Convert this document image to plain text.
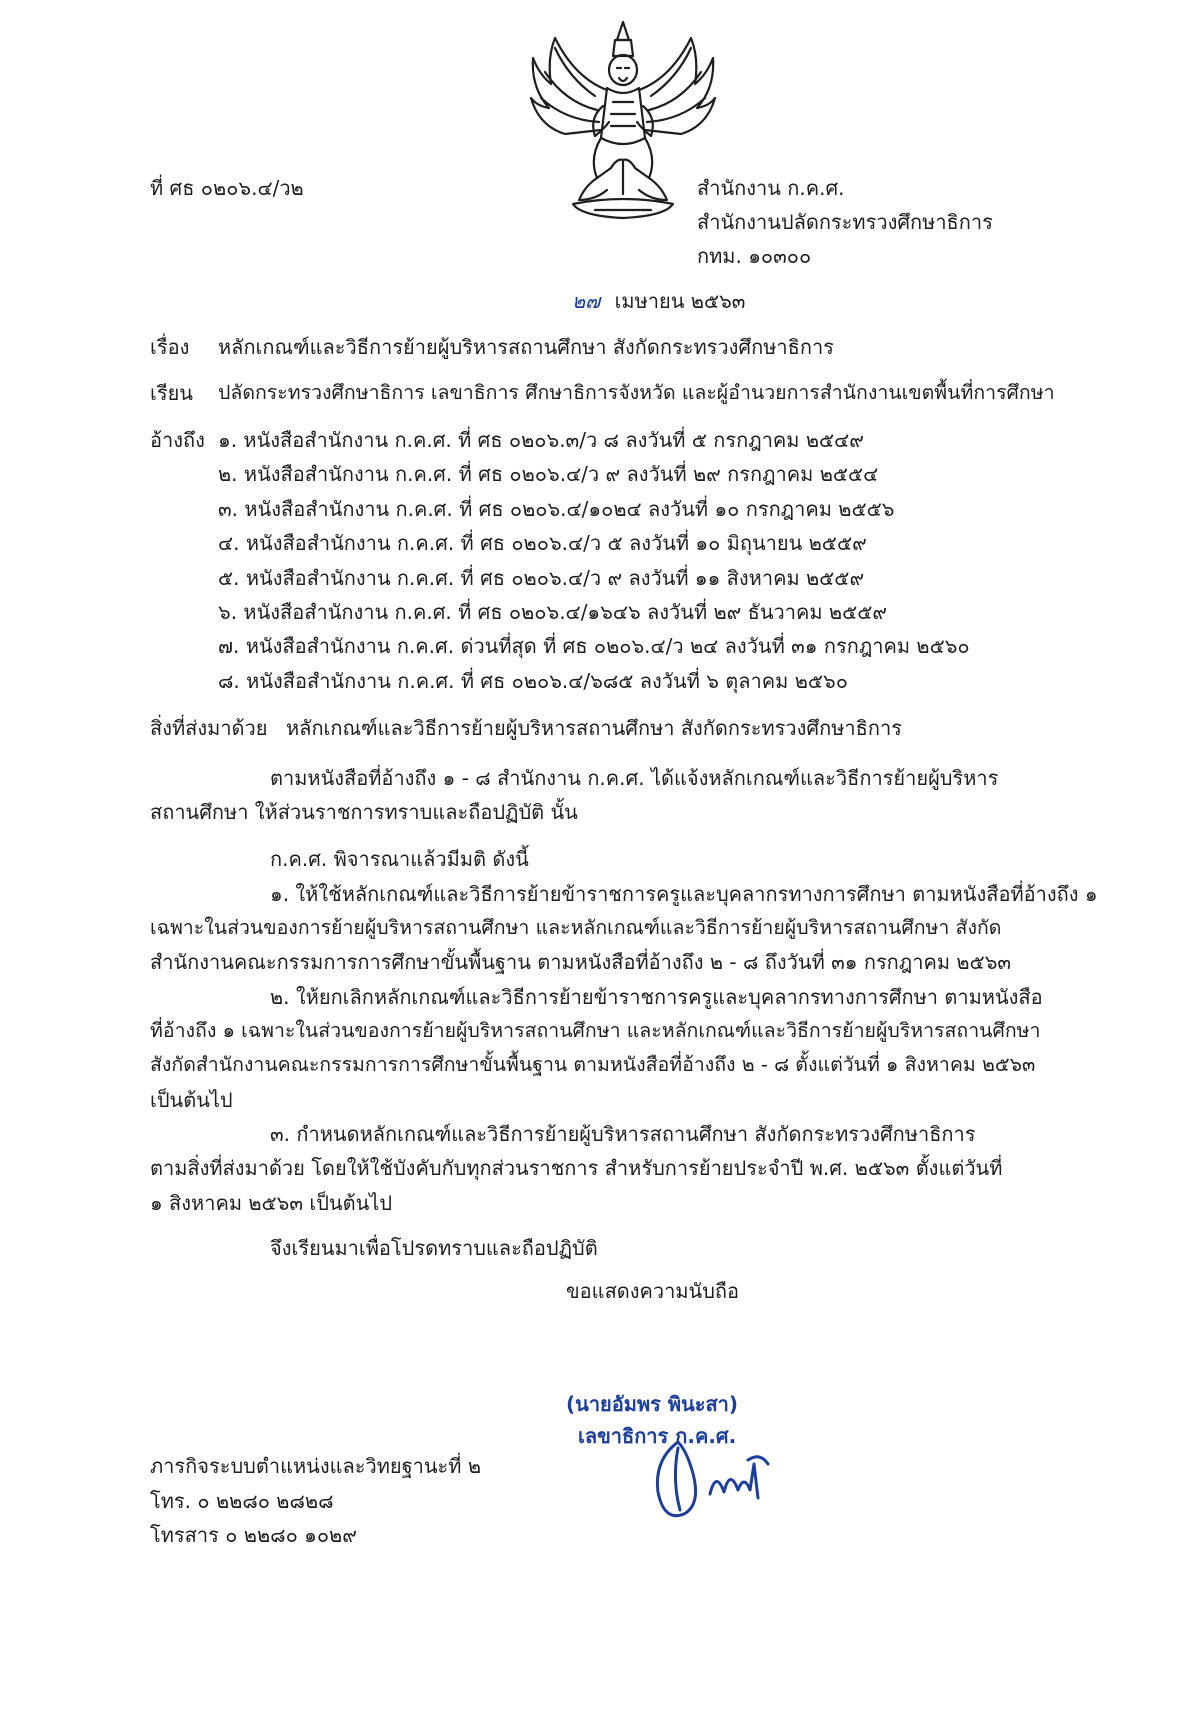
ที่ ศธ ๐๒๐๖.๔/ว๒	สำนักงาน ก.ค.ศ.
สำนักงานปลัดกระทรวงศึกษาธิการ
กทม. ๑๐๓๐๐
๒๗ เมษายน ๒๕๖๓
เรื่อง หลักเกณฑ์และวิธีการย้ายผู้บริหารสถานศึกษา สังกัดกระทรวงศึกษาธิการ
เรียน ปลัดกระทรวงศึกษาธิการ เลขาธิการ ศึกษาธิการจังหวัด และผู้อำนวยการสำนักงานเขตพื้นที่การศึกษา
อ้างถึง ๑. หนังสือสำนักงาน ก.ค.ศ. ที่ ศธ ๐๒๐๖.๓/ว ๘ ลงวันที่ ๕ กรกฎาคม ๒๕๔๙
๒. หนังสือสำนักงาน ก.ค.ศ. ที่ ศธ ๐๒๐๖.๔/ว ๙ ลงวันที่ ๒๙ กรกฎาคม ๒๕๕๔
๓. หนังสือสำนักงาน ก.ค.ศ. ที่ ศธ ๐๒๐๖.๔/๑๐๒๔ ลงวันที่ ๑๐ กรกฎาคม ๒๕๕๖
๔. หนังสือสำนักงาน ก.ค.ศ. ที่ ศธ ๐๒๐๖.๔/ว ๕ ลงวันที่ ๑๐ มิถุนายน ๒๕๕๙
๕. หนังสือสำนักงาน ก.ค.ศ. ที่ ศธ ๐๒๐๖.๔/ว ๙ ลงวันที่ ๑๑ สิงหาคม ๒๕๕๙
๖. หนังสือสำนักงาน ก.ค.ศ. ที่ ศธ ๐๒๐๖.๔/๑๖๔๖ ลงวันที่ ๒๙ ธันวาคม ๒๕๕๙
๗. หนังสือสำนักงาน ก.ค.ศ. ด่วนที่สุด ที่ ศธ ๐๒๐๖.๔/ว ๒๔ ลงวันที่ ๓๑ กรกฎาคม ๒๕๖๐
๘. หนังสือสำนักงาน ก.ค.ศ. ที่ ศธ ๐๒๐๖.๔/๖๘๕ ลงวันที่ ๖ ตุลาคม ๒๕๖๐
สิ่งที่ส่งมาด้วย หลักเกณฑ์และวิธีการย้ายผู้บริหารสถานศึกษา สังกัดกระทรวงศึกษาธิการ
ตามหนังสือที่อ้างถึง ๑ - ๘ สำนักงาน ก.ค.ศ. ได้แจ้งหลักเกณฑ์และวิธีการย้ายผู้บริหาร
สถานศึกษา ให้ส่วนราชการทราบและถือปฏิบัติ นั้น
ก.ค.ศ. พิจารณาแล้วมีมติ ดังนี้
๑. ให้ใช้หลักเกณฑ์และวิธีการย้ายข้าราชการครูและบุคลากรทางการศึกษา ตามหนังสือที่อ้างถึง ๑
เฉพาะในส่วนของการย้ายผู้บริหารสถานศึกษา และหลักเกณฑ์และวิธีการย้ายผู้บริหารสถานศึกษา สังกัด
สำนักงานคณะกรรมการการศึกษาขั้นพื้นฐาน ตามหนังสือที่อ้างถึง ๒ - ๘ ถึงวันที่ ๓๑ กรกฎาคม ๒๕๖๓
๒. ให้ยกเลิกหลักเกณฑ์และวิธีการย้ายข้าราชการครูและบุคลากรทางการศึกษา ตามหนังสือ
ที่อ้างถึง ๑ เฉพาะในส่วนของการย้ายผู้บริหารสถานศึกษา และหลักเกณฑ์และวิธีการย้ายผู้บริหารสถานศึกษา
สังกัดสำนักงานคณะกรรมการการศึกษาขั้นพื้นฐาน ตามหนังสือที่อ้างถึง ๒ - ๘ ตั้งแต่วันที่ ๑ สิงหาคม ๒๕๖๓
เป็นต้นไป
๓. กำหนดหลักเกณฑ์และวิธีการย้ายผู้บริหารสถานศึกษา สังกัดกระทรวงศึกษาธิการ
ตามสิ่งที่ส่งมาด้วย โดยให้ใช้บังคับกับทุกส่วนราชการ สำหรับการย้ายประจำปี พ.ศ. ๒๕๖๓ ตั้งแต่วันที่
๑ สิงหาคม ๒๕๖๓ เป็นต้นไป
จึงเรียนมาเพื่อโปรดทราบและถือปฏิบัติ
ขอแสดงความนับถือ
(นายอัมพร พินะสา)
เลขาธิการ ก.ค.ศ.
ภารกิจระบบตำแหน่งและวิทยฐานะที่ ๒
โทร. ๐ ๒๒๘๐ ๒๘๒๘
โทรสาร ๐ ๒๒๘๐ ๑๐๒๙
